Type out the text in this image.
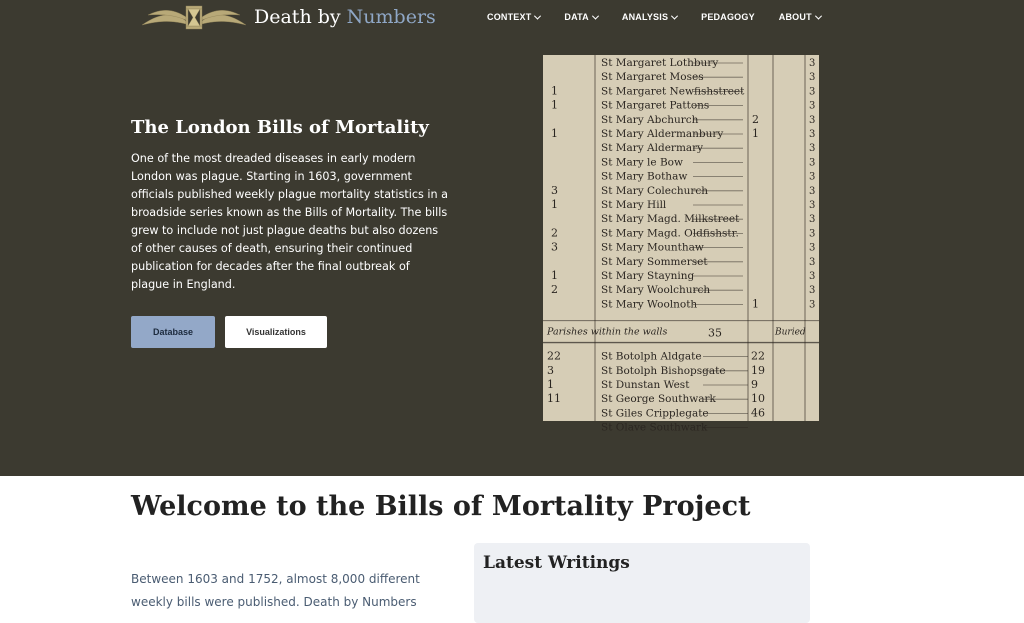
Death by Numbers	CONTEXT	DATA	ANALYSIS	PEDAGOGY	ABOUT
The London Bills of Mortality

One of the most dreaded diseases in early modern London was plague. Starting in 1603, government officials published weekly plague mortality statistics in a broadside series known as the Bills of Mortality. The bills grew to include not just plague deaths but also dozens of other causes of death, ensuring their continued publication for decades after the final outbreak of plague in England.

Database	Visualizations
St Margaret Lothbury	3
St Margaret Moses	3
1	St Margaret Newfishstreet	3
1	St Margaret Pattons	3
St Mary Abchurch	2	3
1	St Mary Aldermanbury	1	3
St Mary Aldermary	3
St Mary le Bow	3
St Mary Bothaw	3
3	St Mary Colechurch	3
1	St Mary Hill	3
St Mary Magd. Milkstreet	3
2	St Mary Magd. Oldfishstr.	3
3	St Mary Mounthaw	3
St Mary Sommerset	3
1	St Mary Stayning	3
2	St Mary Woolchurch	3
St Mary Woolnoth	1	3
Parishes within the walls	35	Buried
22	St Botolph Aldgate	22
3	St Botolph Bishopsgate 19
1	St Dunstan West	9
11	St George Southwark	10
St Giles Cripplegate	46
St Olave Southwark
Welcome to the Bills of Mortality Project

Between 1603 and 1752, almost 8,000 different weekly bills were published. Death by Numbers

Latest Writings
